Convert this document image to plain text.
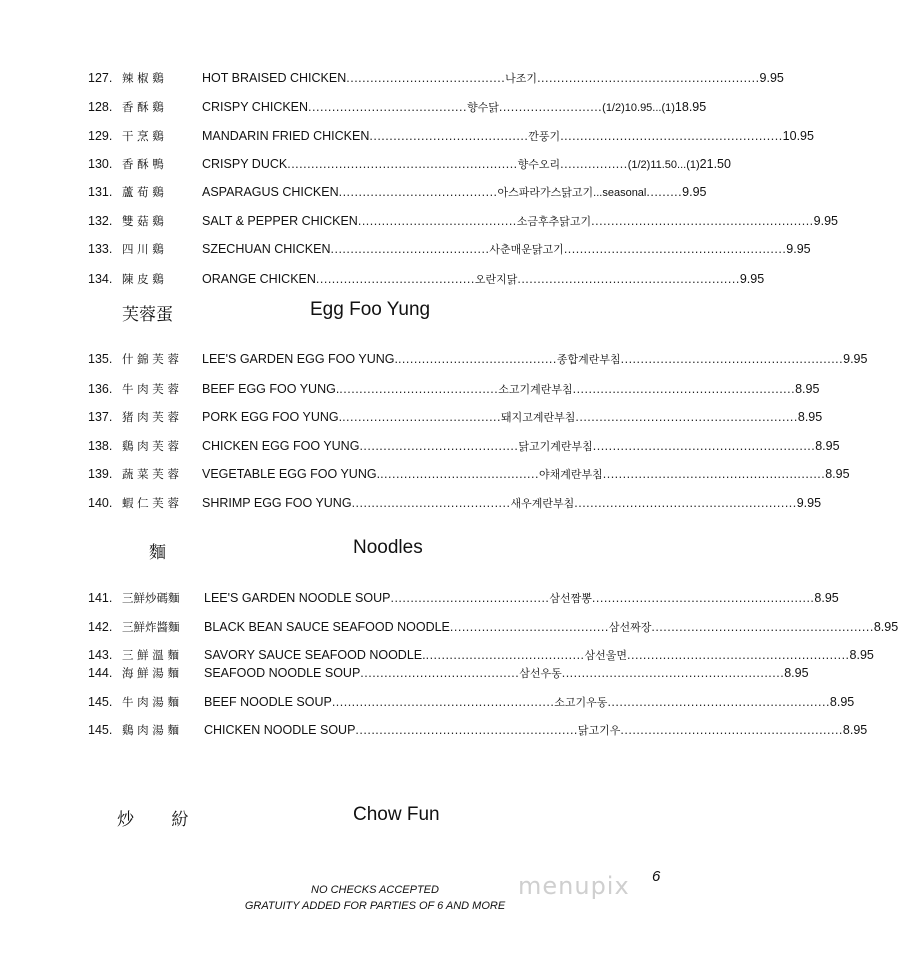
127. 辣 椒 鷄	HOT BRAISED CHICKEN ........................................ 나조기 ........................................................ 9.95
128. 香 酥 鷄	CRISPY CHICKEN ........................................ 향수닭 .......................... (1/2)10.95...(1) 18.95
129. 干 烹 鷄	MANDARIN FRIED CHICKEN ........................................ 깐풍기 ........................................................ 10.95
130. 香 酥 鴨	CRISPY DUCK .......................................................... 향수오리 ................. (1/2)11.50...(1) 21.50
131. 蘆 荀 鷄	ASPARAGUS CHICKEN ........................................ 아스파라가스닭고기 ...seasonal ......... 9.95
132. 雙 菇 鷄	SALT & PEPPER CHICKEN ........................................ 소금후추닭고기 ........................................................ 9.95
133. 四 川 鷄	SZECHUAN CHICKEN ........................................ 사춘매운닭고기 ........................................................ 9.95
134. 陳 皮 鷄	ORANGE CHICKEN ........................................ 오란지닭 ........................................................ 9.95
芙蓉蛋	Egg Foo Yung
135. 什 錦 芙 蓉	LEE'S GARDEN EGG FOO YUNG. ........................................ 종합계란부침 ........................................................ 9.95
136. 牛 肉 芙 蓉	BEEF EGG FOO YUNG. ........................................ 소고기계란부침 ........................................................ 8.95
137. 猪 肉 芙 蓉	PORK EGG FOO YUNG. ........................................ 돼지고계란부침 ........................................................ 8.95
138. 鷄 肉 芙 蓉	CHICKEN EGG FOO YUNG ........................................ 닭고기계란부침 ........................................................ 8.95
139. 蔬 菜 芙 蓉	VEGETABLE EGG FOO YUNG. ........................................ 야채계란부침 ........................................................ 8.95
140. 蝦 仁 芙 蓉	SHRIMP EGG FOO YUNG ........................................ 새우계란부침 ........................................................ 9.95
麵	Noodles
141. 三鮮炒碼麵	LEE'S GARDEN NOODLE SOUP ........................................ 삼선짬뽕 ........................................................ 8.95
142. 三鮮炸醬麵	BLACK BEAN SAUCE SEAFOOD NOODLE ........................................ 삼선짜장 ........................................................ 8.95
143. 三 鮮 溫 麵	SAVORY SAUCE SEAFOOD NOODLE. ........................................ 삼선울면 ........................................................ 8.95
144. 海 鮮 湯 麵	SEAFOOD NOODLE SOUP ........................................ 삼선우동 ........................................................ 8.95
145. 牛 肉 湯 麵	BEEF NOODLE SOUP ........................................................ 소고기우동 ........................................................ 8.95
145. 鷄 肉 湯 麵	CHICKEN NOODLE SOUP ........................................................ 닭고기우 ........................................................ 8.95
炒 紛	Chow Fun
menupix 6
NO CHECKS ACCEPTED
GRATUITY ADDED FOR PARTIES OF 6 AND MORE
